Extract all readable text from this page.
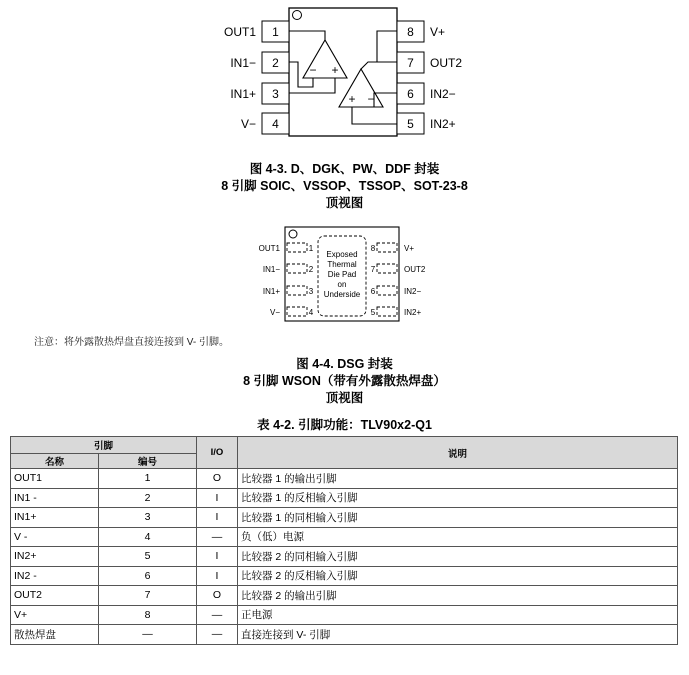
1
2
3
4
8
7
6
5
OUT1
IN1−
IN1+
V−
V+
OUT2
IN2−
IN2+
− +
+ −
图 4-3. D、DGK、PW、DDF 封装
8 引脚 SOIC、VSSOP、TSSOP、SOT-23-8
顶视图
1
2
3
4
8
7
6
5
OUT1
IN1−
IN1+
V−
V+
OUT2
IN2−
IN2+
Exposed
Thermal
Die Pad
on
Underside
注意：将外露散热焊盘直接连接到 V- 引脚。
图 4-4. DSG 封装
8 引脚 WSON（带有外露散热焊盘）
顶视图
表 4-2. 引脚功能：TLV90x2-Q1
引脚		I/O	说明
名称	编号		
OUT1	1	O	比较器 1 的输出引脚
IN1 -	2	I	比较器 1 的反相输入引脚
IN1+	3	I	比较器 1 的同相输入引脚
V -	4	—	负（低）电源
IN2+	5	I	比较器 2 的同相输入引脚
IN2 -	6	I	比较器 2 的反相输入引脚
OUT2	7	O	比较器 2 的输出引脚
V+	8	—	正电源
散热焊盘	—	—	直接连接到 V- 引脚
